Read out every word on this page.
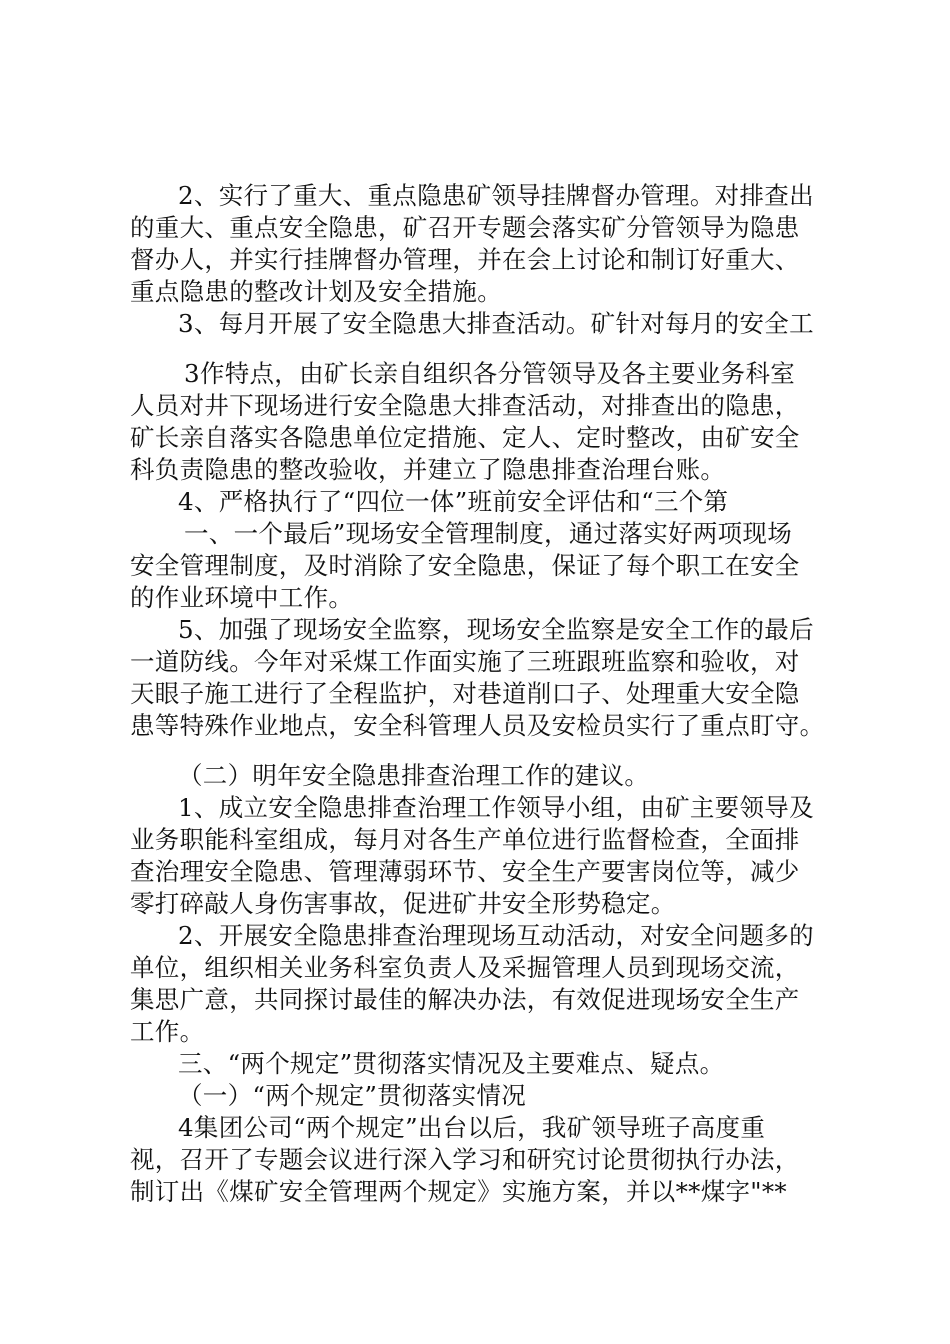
2、实行了重大、重点隐患矿领导挂牌督办管理。对排查出
的重大、重点安全隐患，矿召开专题会落实矿分管领导为隐患
督办人，并实行挂牌督办管理，并在会上讨论和制订好重大、
重点隐患的整改计划及安全措施。
3、每月开展了安全隐患大排查活动。矿针对每月的安全工
3作特点，由矿长亲自组织各分管领导及各主要业务科室
人员对井下现场进行安全隐患大排查活动，对排查出的隐患，
矿长亲自落实各隐患单位定措施、定人、定时整改，由矿安全
科负责隐患的整改验收，并建立了隐患排查治理台账。
4、严格执行了“四位一体”班前安全评估和“三个第
一、一个最后”现场安全管理制度，通过落实好两项现场
安全管理制度，及时消除了安全隐患，保证了每个职工在安全
的作业环境中工作。
5、加强了现场安全监察，现场安全监察是安全工作的最后
一道防线。今年对采煤工作面实施了三班跟班监察和验收，对
天眼子施工进行了全程监护，对巷道削口子、处理重大安全隐
患等特殊作业地点，安全科管理人员及安检员实行了重点盯守。
（二）明年安全隐患排查治理工作的建议。
1、成立安全隐患排查治理工作领导小组，由矿主要领导及
业务职能科室组成，每月对各生产单位进行监督检查，全面排
查治理安全隐患、管理薄弱环节、安全生产要害岗位等，减少
零打碎敲人身伤害事故，促进矿井安全形势稳定。
2、开展安全隐患排查治理现场互动活动，对安全问题多的
单位，组织相关业务科室负责人及采掘管理人员到现场交流，
集思广意，共同探讨最佳的解决办法，有效促进现场安全生产
工作。
三、“两个规定”贯彻落实情况及主要难点、疑点。
（一）“两个规定”贯彻落实情况
4集团公司“两个规定”出台以后，我矿领导班子高度重
视，召开了专题会议进行深入学习和研究讨论贯彻执行办法，
制订出《煤矿安全管理两个规定》实施方案，并以**煤字"**
